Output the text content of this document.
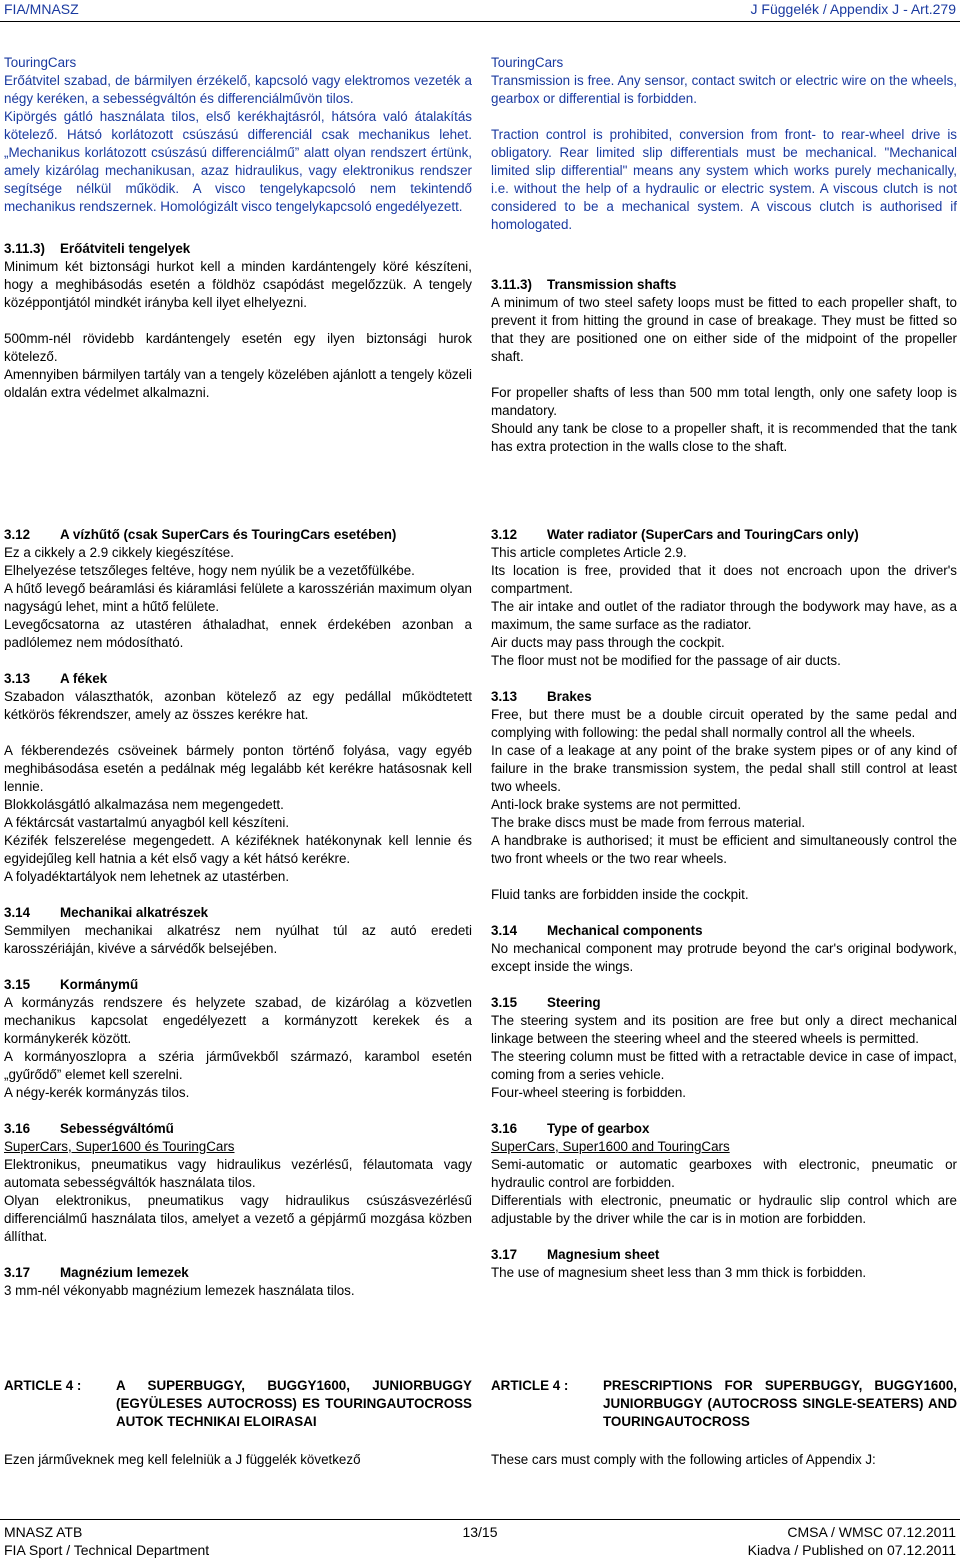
FIA/MNASZ	J Függelék / Appendix J - Art.279

TouringCars

Erőátvitel szabad, de bármilyen érzékelő, kapcsoló vagy elektromos vezeték a négy keréken, a sebességváltón és differenciálművön tilos.

Kipörgés gátló használata tilos, első kerékhajtásról, hátsóra való átalakítás kötelező. Hátsó korlátozott csúszású differenciál csak mechanikus lehet. „Mechanikus korlátozott csúszású differenciálmű” alatt olyan rendszert értünk, amely kizárólag mechanikusan, azaz hidraulikus, vagy elektronikus rendszer segítsége nélkül működik. A visco tengelykapcsoló nem tekintendő mechanikus rendszernek. Homológizált visco tengelykapcsoló engedélyezett.

3.11.3) Erőátviteli tengelyek

Minimum két biztonsági hurkot kell a minden kardántengely köré készíteni, hogy a meghibásodás esetén a földhöz csapódást megelőzzük. A tengely középpontjától mindkét irányba kell ilyet elhelyezni.

500mm-nél rövidebb kardántengely esetén egy ilyen biztonsági hurok kötelező.

Amennyiben bármilyen tartály van a tengely közelében ajánlott a tengely közeli oldalán extra védelmet alkalmazni.

TouringCars

Transmission is free. Any sensor, contact switch or electric wire on the wheels, gearbox or differential is forbidden.

Traction control is prohibited, conversion from front- to rear-wheel drive is obligatory. Rear limited slip differentials must be mechanical. "Mechanical limited slip differential" means any system which works purely mechanically, i.e. without the help of a hydraulic or electric system. A viscous clutch is not considered to be a mechanical system. A viscous clutch is authorised if homologated.

3.11.3) Transmission shafts

A minimum of two steel safety loops must be fitted to each propeller shaft, to prevent it from hitting the ground in case of breakage. They must be fitted so that they are positioned one on either side of the midpoint of the propeller shaft.

For propeller shafts of less than 500 mm total length, only one safety loop is mandatory.

Should any tank be close to a propeller shaft, it is recommended that the tank has extra protection in the walls close to the shaft.

3.12 A vízhűtő (csak SuperCars és TouringCars esetében)

Ez a cikkely a 2.9 cikkely kiegészítése.

Elhelyezése tetszőleges feltéve, hogy nem nyúlik be a vezetőfülkébe.

A hűtő levegő beáramlási és kiáramlási felülete a karosszérián maximum olyan nagyságú lehet, mint a hűtő felülete.

Levegőcsatorna az utastéren áthaladhat, ennek érdekében azonban a padlólemez nem módosítható.

3.13 A fékek

Szabadon választhatók, azonban kötelező az egy pedállal működtetett kétkörös fékrendszer, amely az összes kerékre hat.

A fékberendezés csöveinek bármely ponton történő folyása, vagy egyéb meghibásodása esetén a pedálnak még legalább két kerékre hatásosnak kell lennie.

Blokkolásgátló alkalmazása nem megengedett.

A féktárcsát vastartalmú anyagból kell készíteni.

Kézifék felszerelése megengedett. A kéziféknek hatékonynak kell lennie és egyidejűleg kell hatnia a két első vagy a két hátsó kerékre.

A folyadéktartályok nem lehetnek az utastérben.

3.14 Mechanikai alkatrészek

Semmilyen mechanikai alkatrész nem nyúlhat túl az autó eredeti karosszériáján, kivéve a sárvédők belsejében.

3.15 Kormánymű

A kormányzás rendszere és helyzete szabad, de kizárólag a közvetlen mechanikus kapcsolat engedélyezett a kormányzott kerekek és a kormánykerék között.

A kormányoszlopra a széria járművekből származó, karambol esetén „gyűrődő” elemet kell szerelni.

A négy-kerék kormányzás tilos.

3.16 Sebességváltómű

SuperCars, Super1600 és TouringCars

Elektronikus, pneumatikus vagy hidraulikus vezérlésű, félautomata vagy automata sebességváltók használata tilos.

Olyan elektronikus, pneumatikus vagy hidraulikus csúszásvezérlésű differenciálmű használata tilos, amelyet a vezető a gépjármű mozgása közben állíthat.

3.17 Magnézium lemezek

3 mm-nél vékonyabb magnézium lemezek használata tilos.

3.12 Water radiator (SuperCars and TouringCars only)

This article completes Article 2.9.

Its location is free, provided that it does not encroach upon the driver's compartment.

The air intake and outlet of the radiator through the bodywork may have, as a maximum, the same surface as the radiator.

Air ducts may pass through the cockpit.

The floor must not be modified for the passage of air ducts.

3.13 Brakes

Free, but there must be a double circuit operated by the same pedal and complying with following: the pedal shall normally control all the wheels.

In case of a leakage at any point of the brake system pipes or of any kind of failure in the brake transmission system, the pedal shall still control at least two wheels.

Anti-lock brake systems are not permitted.

The brake discs must be made from ferrous material.

A handbrake is authorised; it must be efficient and simultaneously control the two front wheels or the two rear wheels.

Fluid tanks are forbidden inside the cockpit.

3.14 Mechanical components

No mechanical component may protrude beyond the car's original bodywork, except inside the wings.

3.15 Steering

The steering system and its position are free but only a direct mechanical linkage between the steering wheel and the steered wheels is permitted.

The steering column must be fitted with a retractable device in case of impact, coming from a series vehicle.

Four-wheel steering is forbidden.

3.16 Type of gearbox

SuperCars, Super1600 and TouringCars

Semi-automatic or automatic gearboxes with electronic, pneumatic or hydraulic control are forbidden.

Differentials with electronic, pneumatic or hydraulic slip control which are adjustable by the driver while the car is in motion are forbidden.

3.17 Magnesium sheet

The use of magnesium sheet less than 3 mm thick is forbidden.

ARTICLE 4 :	A SUPERBUGGY, BUGGY1600, JUNIORBUGGY (EGYÜLESES AUTOCROSS) ES TOURINGAUTOCROSS AUTOK TECHNIKAI ELOIRASAI

Ezen járműveknek meg kell felelniük a J függelék következő

ARTICLE 4 :	PRESCRIPTIONS FOR SUPERBUGGY, BUGGY1600, JUNIORBUGGY (AUTOCROSS SINGLE-SEATERS) AND TOURINGAUTOCROSS

These cars must comply with the following articles of Appendix J:

MNASZ ATB
FIA Sport / Technical Department
13/15	CMSA / WMSC 07.12.2011
Kiadva / Published on 07.12.2011
